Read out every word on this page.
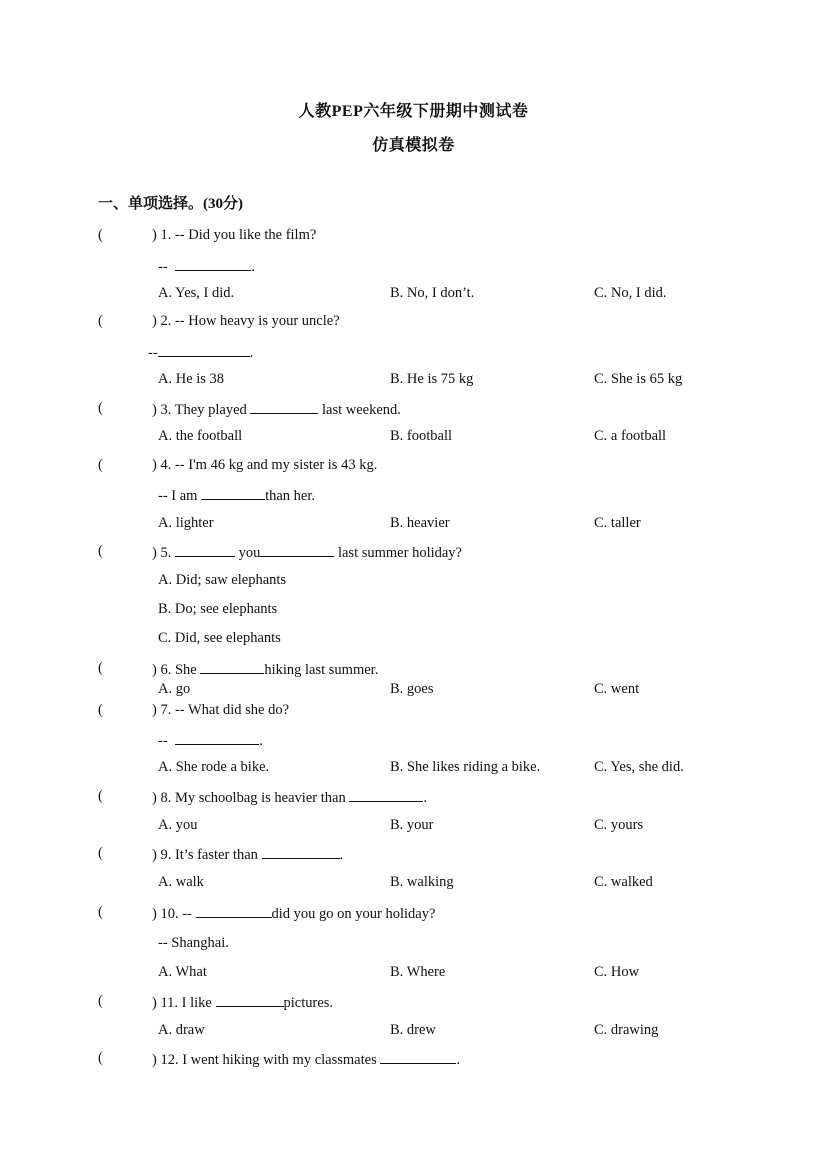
人教PEP六年级下册期中测试卷
仿真模拟卷
一、单项选择。(30分)
(	) 1. -- Did you like the film?
--	.
A. Yes, I did.	B. No, I don’t.	C. No, I did.
(	) 2. -- How heavy is your uncle?
--	.
A. He is 38	B. He is 75 kg	C. She is 65 kg
(	) 3. They played	last weekend.
A. the football	B. football	C. a football
(	) 4. -- I'm 46 kg and my sister is 43 kg.
-- I am	than her.
A. lighter	B. heavier	C. taller
(	) 5.	you	last summer holiday?
A. Did; saw elephants
B. Do; see elephants
C. Did, see elephants
(	) 6. She	hiking last summer.
A. go	B. goes	C. went
(	) 7. -- What did she do?
--	.
A. She rode a bike.	B. She likes riding a bike.	C. Yes, she did.
(	) 8. My schoolbag is heavier than	.
A. you	B. your	C. yours
(	) 9. It’s faster than	.
A. walk	B. walking	C. walked
(	) 10. --	did you go on your holiday?
-- Shanghai.
A. What	B. Where	C. How
(	) 11. I like	pictures.
A. draw	B. drew	C. drawing
(	) 12. I went hiking with my classmates	.
